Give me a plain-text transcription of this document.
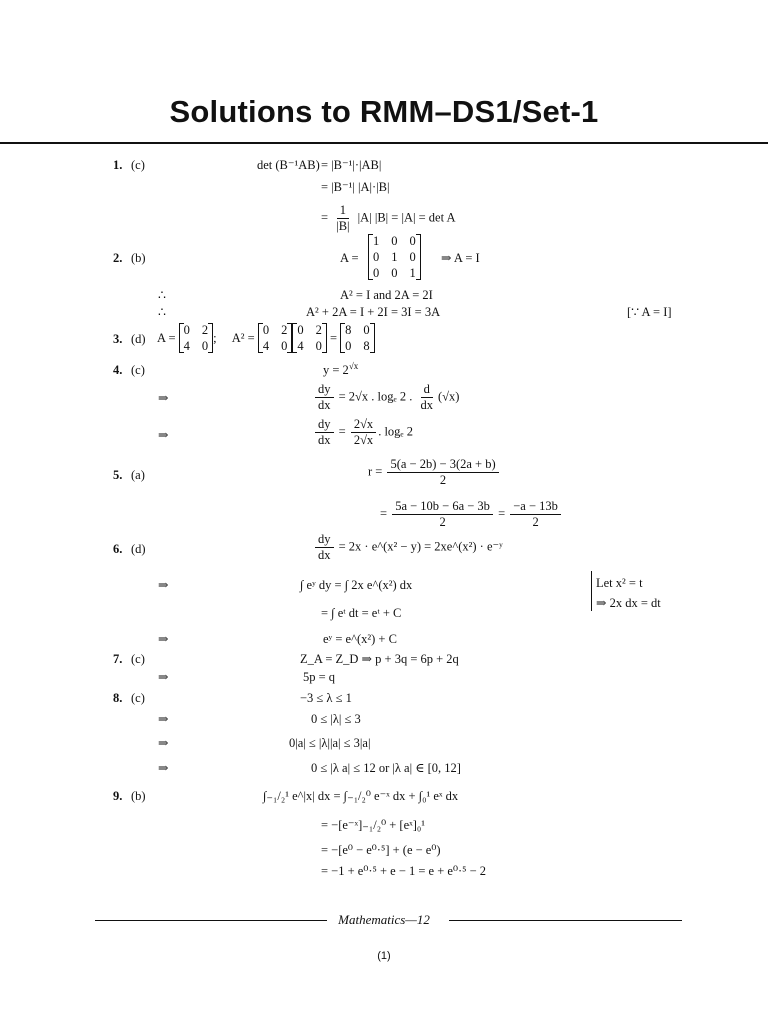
Solutions to RMM–DS1/Set-1
1. (c)	det (B⁻¹AB) = |B⁻¹|·|AB|
= |B⁻¹| |A|·|B|
= $\frac{1}{|B|} |A|$ |B| = |A| = det A
2. (b)	A =
1 0 0
0 1 0
0 0 1
⇒ A = I
∴	A² = I and 2A = 2I
∴	A² + 2A = I + 2I = 3I = 3A	[∵ A = I]
3. (d) A =
0 2
4 0
; A² =
0 2
4 0
0 2
4 0
=
8 0
0 8
4. (c)	$y = 2^{√x}$
⇒	$\frac{dy}{dx} = 2√x$ . logₑ 2 . $\frac{d}{dx} (√x)$
⇒	$\frac{dy}{dx} = \frac{2√x}{2√x}$ . logₑ 2
5. (a)	$r = \frac{5(a - 2b) - 3(2a + b)}{2}$
= $\frac{5a - 10b - 6a - 3b}{2} = \frac{-a - 13b}{2}$
6. (d)	$\frac{dy}{dx} = 2x$ · e^(x² − y) = 2xe^(x²) · e⁻ʸ
⇒	∫ eʸ dy = ∫ 2x e^(x²) dx
= ∫ eᵗ dt = eᵗ + C
Let x² = t
⇒ 2x dx = dt
⇒	eʸ = e^(x²) + C
7. (c)	Z_A = Z_D ⇒ p + 3q = 6p + 2q
⇒	5p = q
8. (c)	−3 ≤ λ ≤ 1
⇒	0 ≤ |λ| ≤ 3
⇒	0|a| ≤ |λ||a| ≤ 3|a|
⇒	0 ≤ |λ a| ≤ 12 or |λ a| ∈ [0, 12]
9. (b)	∫₋₁/₂¹ e^|x| dx = ∫₋₁/₂⁰ e⁻ˣ dx + ∫₀¹ eˣ dx
= −[e⁻ˣ]₋₁/₂⁰ + [eˣ]₀¹
= −[e⁰ − e⁰·⁵] + (e − e⁰)
= −1 + e⁰·⁵ + e − 1 = e + e⁰·⁵ − 2
Mathematics—12
(1)
